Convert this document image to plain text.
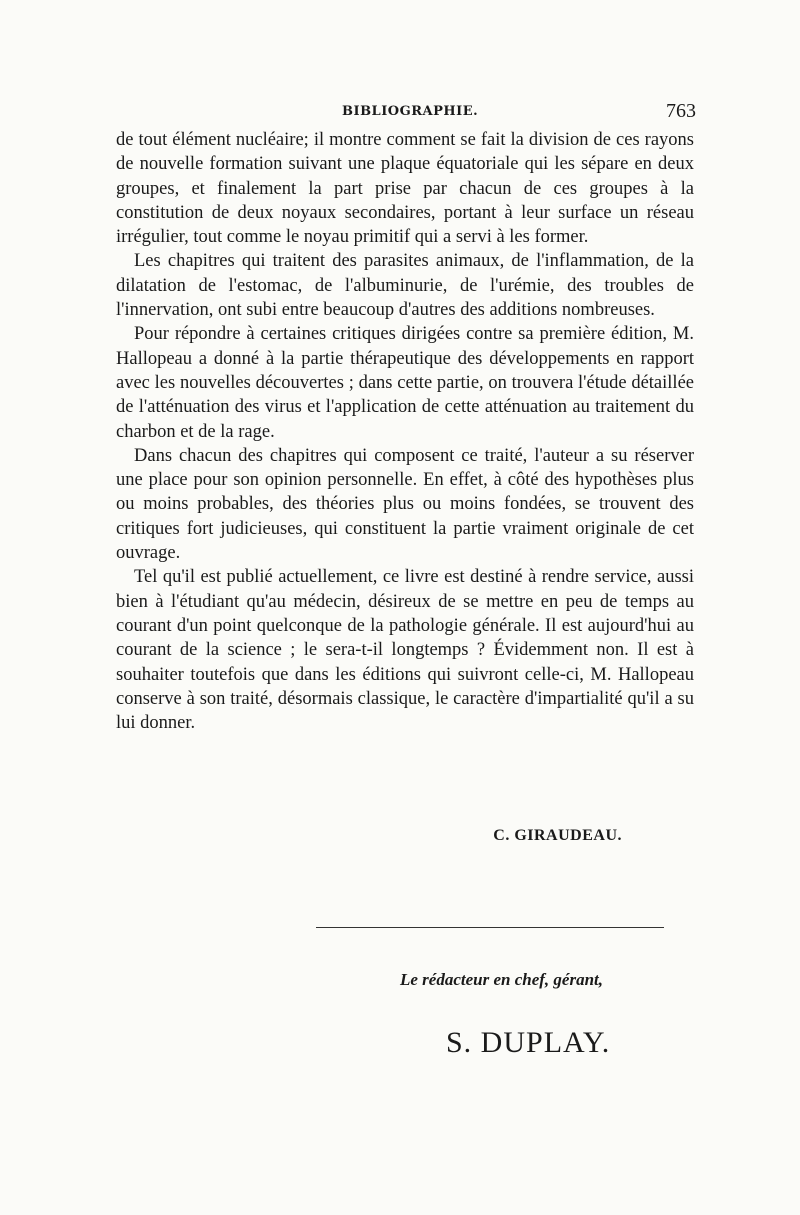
BIBLIOGRAPHIE.	763

de tout élément nucléaire; il montre comment se fait la division de ces rayons de nouvelle formation suivant une plaque équatoriale qui les sépare en deux groupes, et finalement la part prise par chacun de ces groupes à la constitution de deux noyaux secondaires, portant à leur surface un réseau irrégulier, tout comme le noyau primitif qui a servi à les former.

Les chapitres qui traitent des parasites animaux, de l'inflammation, de la dilatation de l'estomac, de l'albuminurie, de l'urémie, des troubles de l'innervation, ont subi entre beaucoup d'autres des additions nombreuses.

Pour répondre à certaines critiques dirigées contre sa première édition, M. Hallopeau a donné à la partie thérapeutique des développements en rapport avec les nouvelles découvertes ; dans cette partie, on trouvera l'étude détaillée de l'atténuation des virus et l'application de cette atténuation au traitement du charbon et de la rage.

Dans chacun des chapitres qui composent ce traité, l'auteur a su réserver une place pour son opinion personnelle. En effet, à côté des hypothèses plus ou moins probables, des théories plus ou moins fondées, se trouvent des critiques fort judicieuses, qui constituent la partie vraiment originale de cet ouvrage.

Tel qu'il est publié actuellement, ce livre est destiné à rendre service, aussi bien à l'étudiant qu'au médecin, désireux de se mettre en peu de temps au courant d'un point quelconque de la pathologie générale. Il est aujourd'hui au courant de la science ; le sera-t-il longtemps ? Évidemment non. Il est à souhaiter toutefois que dans les éditions qui suivront celle-ci, M. Hallopeau conserve à son traité, désormais classique, le caractère d'impartialité qu'il a su lui donner.

C. GIRAUDEAU.
Le rédacteur en chef, gérant,
S. DUPLAY.
